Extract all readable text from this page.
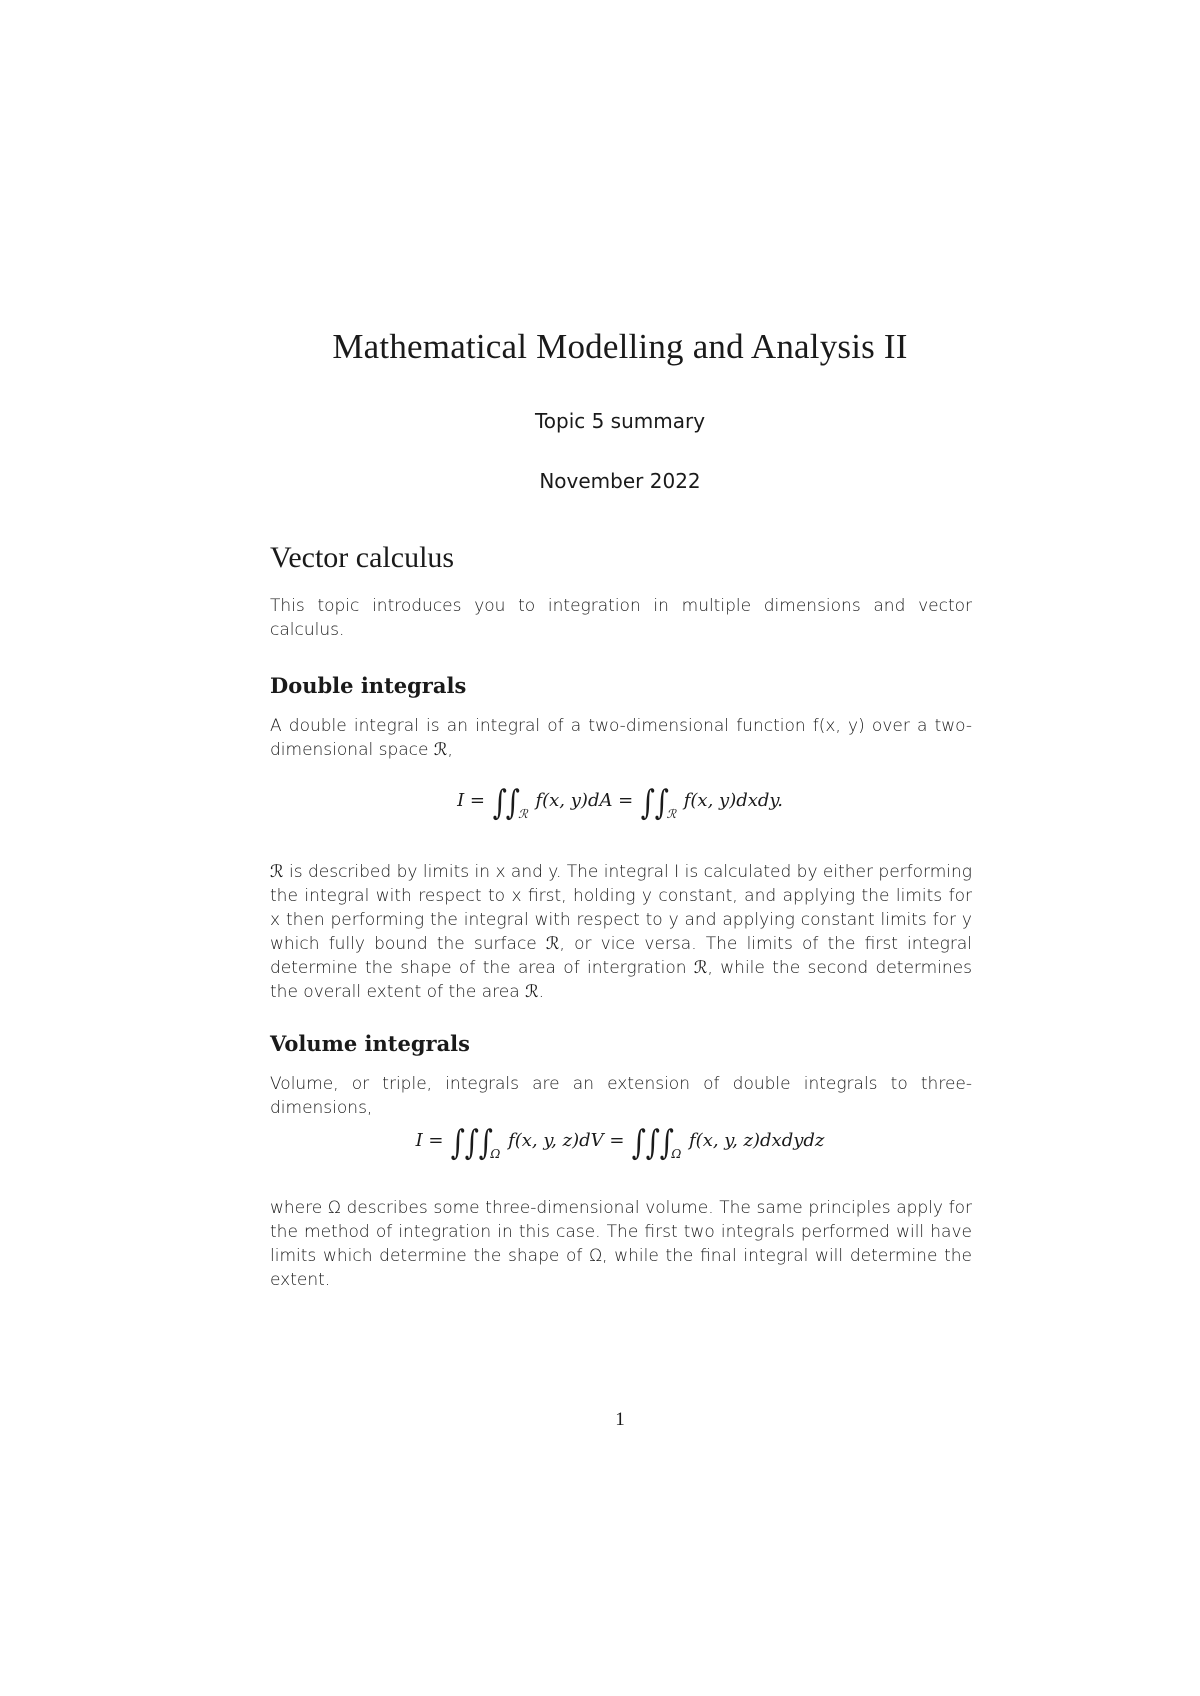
Mathematical Modelling and Analysis II
Topic 5 summary
November 2022
Vector calculus
This topic introduces you to integration in multiple dimensions and vector calculus.
Double integrals
A double integral is an integral of a two-dimensional function f(x, y) over a two-dimensional space ℛ,
$I = \int\int_ℛ$ f(x, $y)dA = \int\int_ℛ$ f(x, y)dxdy.
ℛ is described by limits in x and y. The integral I is calculated by either performing the integral with respect to x first, holding y constant, and applying the limits for x then performing the integral with respect to y and applying constant limits for y which fully bound the surface ℛ, or vice versa. The limits of the first integral determine the shape of the area of intergration ℛ, while the second determines the overall extent of the area ℛ.
Volume integrals
Volume, or triple, integrals are an extension of double integrals to three-dimensions,
$I = \int\int\int_\Omega$ f(x, y, $z)dV = \int\int\int_\Omega$ f(x, y, z)dxdydz
where Ω describes some three-dimensional volume. The same principles apply for the method of integration in this case. The first two integrals performed will have limits which determine the shape of Ω, while the final integral will determine the extent.
1
